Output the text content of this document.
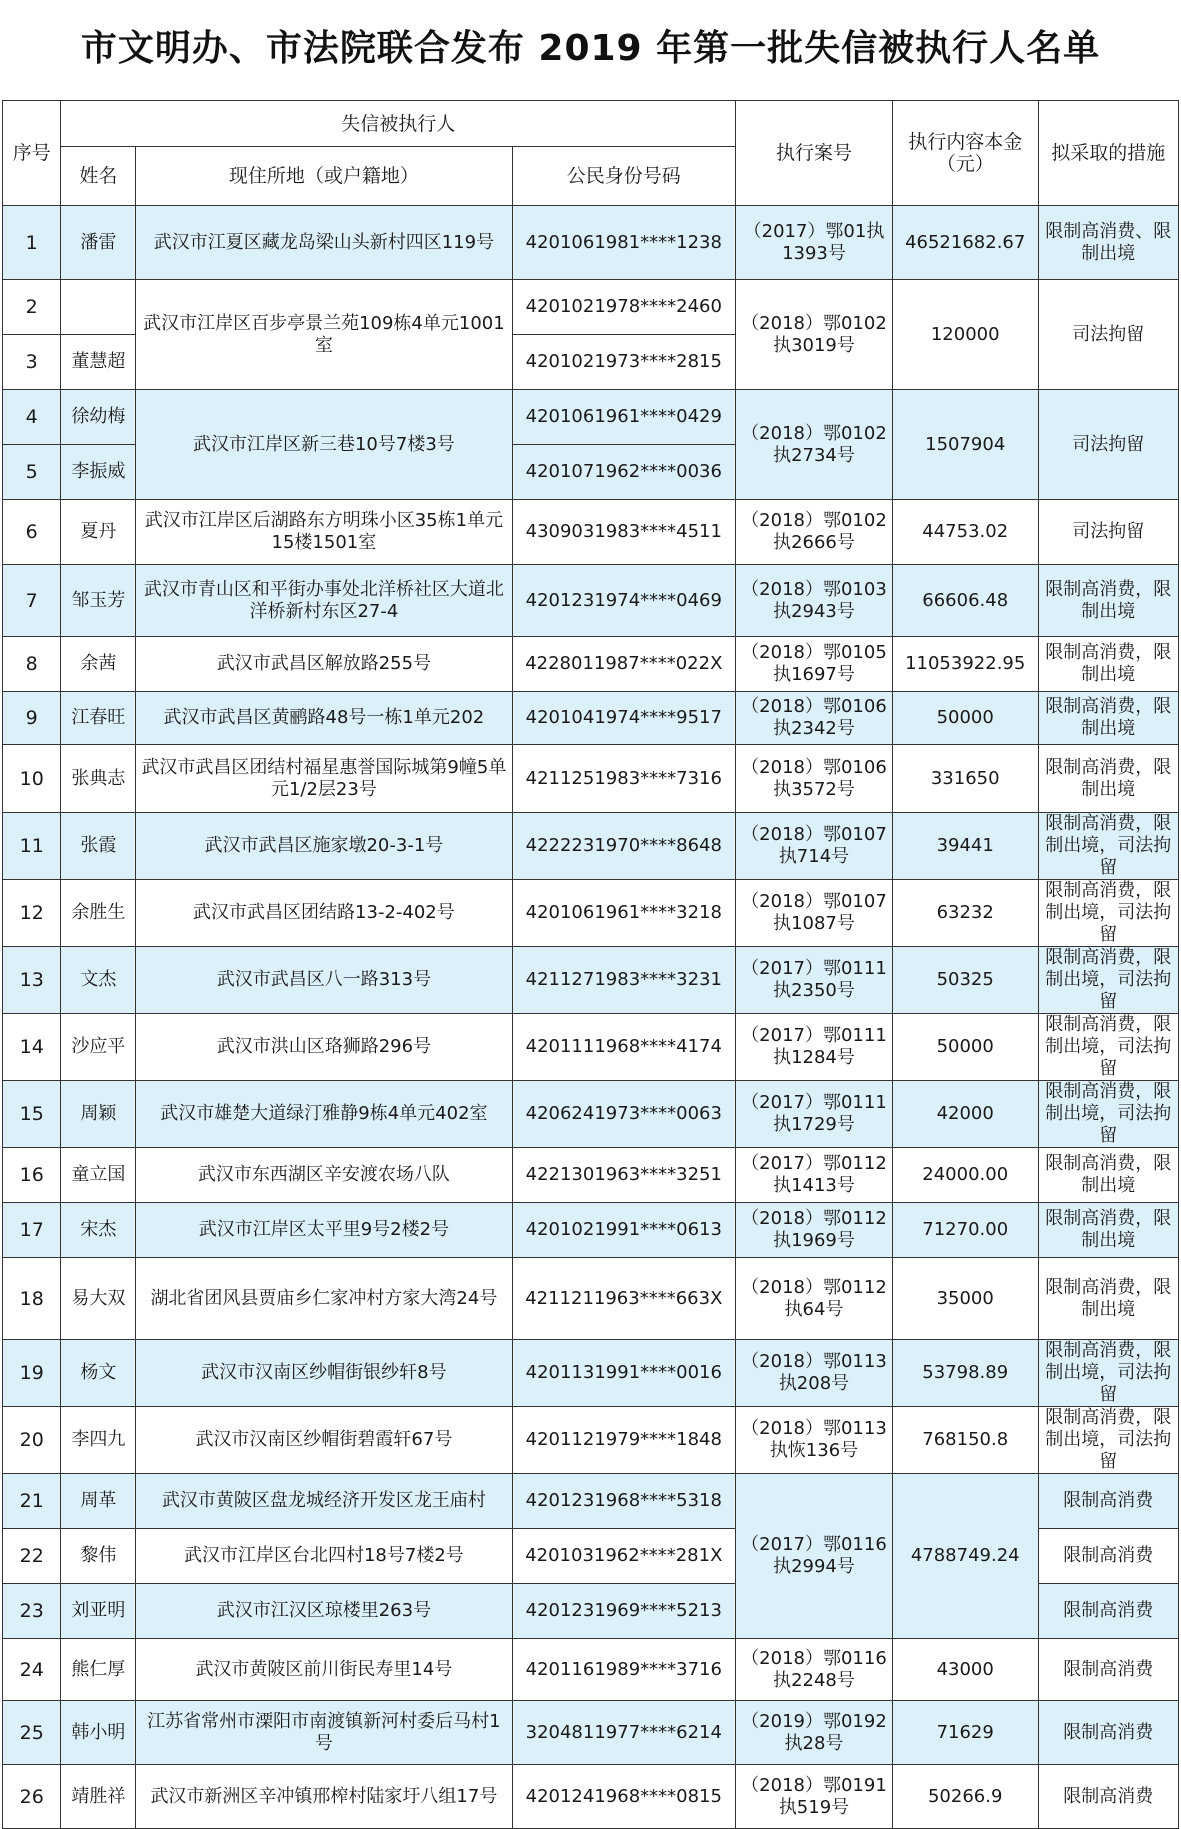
市文明办、市法院联合发布 2019 年第一批失信被执行人名单
序号	失信被执行人			执行案号	执行内容本金（元）	拟采取的措施
	姓名	现住所地（或户籍地）	公民身份号码			
1	潘雷	武汉市江夏区藏龙岛梁山头新村四区119号	4201061981****1238	（2017）鄂01执1393号	46521682.67	限制高消费、限制出境
2		武汉市江岸区百步亭景兰苑109栋4单元1001室	4201021978****2460	（2018）鄂0102执3019号	120000	司法拘留
3	董慧超		4201021973****2815			
4	徐幼梅	武汉市江岸区新三巷10号7楼3号	4201061961****0429	（2018）鄂0102执2734号	1507904	司法拘留
5	李振威		4201071962****0036			
6	夏丹	武汉市江岸区后湖路东方明珠小区35栋1单元15楼1501室	4309031983****4511	（2018）鄂0102执2666号	44753.02	司法拘留
7	邹玉芳	武汉市青山区和平街办事处北洋桥社区大道北洋桥新村东区27-4	4201231974****0469	（2018）鄂0103执2943号	66606.48	限制高消费，限制出境
8	余茜	武汉市武昌区解放路255号	4228011987****022X	（2018）鄂0105执1697号	11053922.95	限制高消费，限制出境
9	江春旺	武汉市武昌区黄鹂路48号一栋1单元202	4201041974****9517	（2018）鄂0106执2342号	50000	限制高消费，限制出境
10	张典志	武汉市武昌区团结村福星惠誉国际城第9幢5单元1/2层23号	4211251983****7316	（2018）鄂0106执3572号	331650	限制高消费，限制出境
11	张霞	武汉市武昌区施家墩20-3-1号	4222231970****8648	（2018）鄂0107执714号	39441	限制高消费，限制出境，司法拘留
12	余胜生	武汉市武昌区团结路13-2-402号	4201061961****3218	（2018）鄂0107执1087号	63232	限制高消费，限制出境，司法拘留
13	文杰	武汉市武昌区八一路313号	4211271983****3231	（2017）鄂0111执2350号	50325	限制高消费，限制出境，司法拘留
14	沙应平	武汉市洪山区珞狮路296号	4201111968****4174	（2017）鄂0111执1284号	50000	限制高消费，限制出境，司法拘留
15	周颖	武汉市雄楚大道绿汀雅静9栋4单元402室	4206241973****0063	（2017）鄂0111执1729号	42000	限制高消费，限制出境，司法拘留
16	童立国	武汉市东西湖区辛安渡农场八队	4221301963****3251	（2017）鄂0112执1413号	24000.00	限制高消费，限制出境
17	宋杰	武汉市江岸区太平里9号2楼2号	4201021991****0613	（2018）鄂0112执1969号	71270.00	限制高消费，限制出境
18	易大双	湖北省团风县贾庙乡仁家冲村方家大湾24号	4211211963****663X	（2018）鄂0112执64号	35000	限制高消费，限制出境
19	杨文	武汉市汉南区纱帽街银纱轩8号	4201131991****0016	（2018）鄂0113执208号	53798.89	限制高消费，限制出境，司法拘留
20	李四九	武汉市汉南区纱帽街碧霞轩67号	4201121979****1848	（2018）鄂0113执恢136号	768150.8	限制高消费，限制出境，司法拘留
21	周革	武汉市黄陂区盘龙城经济开发区龙王庙村	4201231968****5318	（2017）鄂0116执2994号	4788749.24	限制高消费
22	黎伟	武汉市江岸区台北四村18号7楼2号	4201031962****281X			限制高消费
23	刘亚明	武汉市江汉区琼楼里263号	4201231969****5213			限制高消费
24	熊仁厚	武汉市黄陂区前川街民寿里14号	4201161989****3716	（2018）鄂0116执2248号	43000	限制高消费
25	韩小明	江苏省常州市溧阳市南渡镇新河村委后马村1号	3204811977****6214	（2019）鄂0192执28号	71629	限制高消费
26	靖胜祥	武汉市新洲区辛冲镇邢榨村陆家圩八组17号	4201241968****0815	（2018）鄂0191执519号	50266.9	限制高消费
